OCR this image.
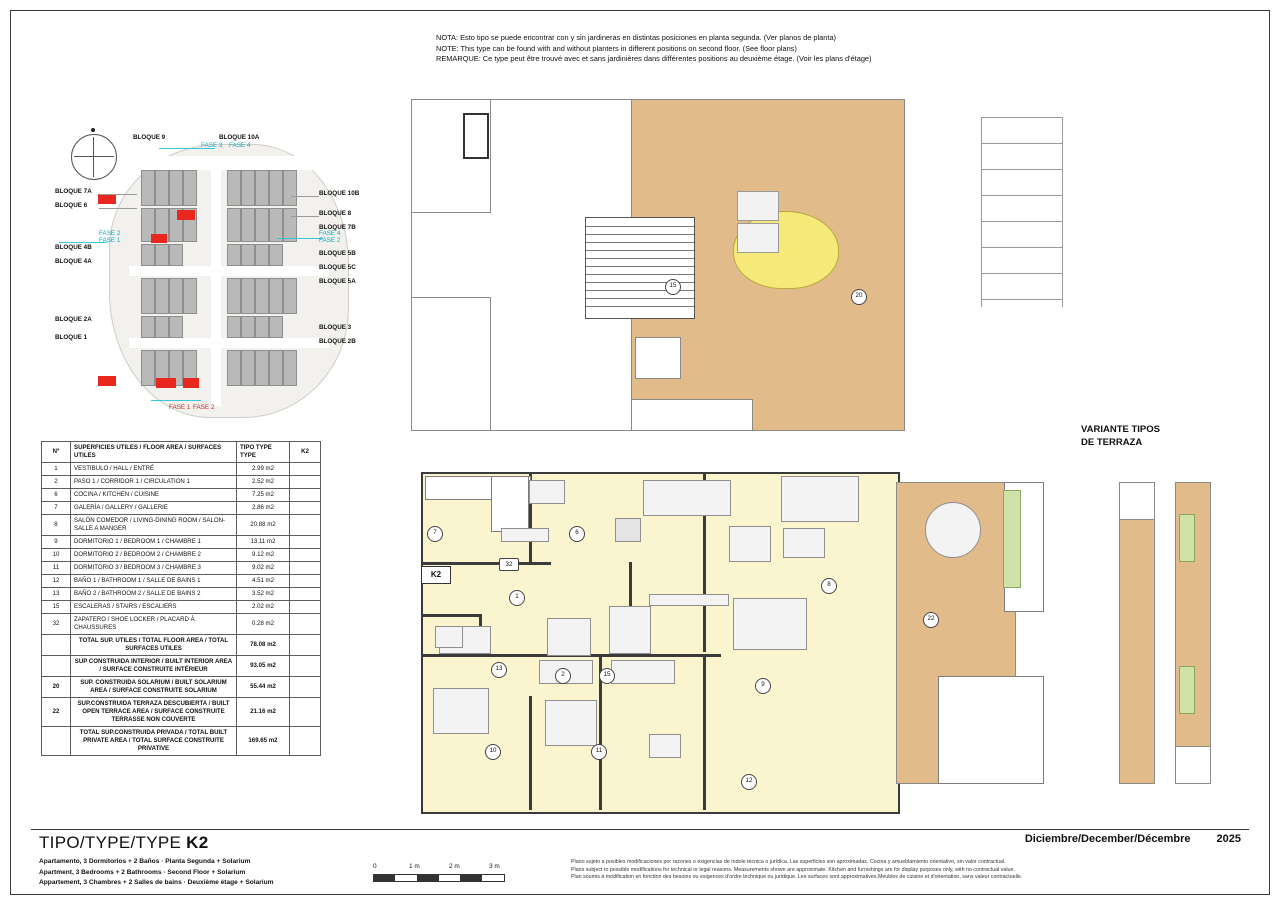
NOTA: Esto tipo se puede encontrar con y sin jardineras en distintas posiciones en planta segunda. (Ver planos de planta)
NOTE: This type can be found with and without planters in different positions on second floor. (See floor plans)
REMARQUE: Ce type peut être trouvé avec et sans jardinières dans différentes positions au deuxième étage. (Voir les plans d'étage)
BLOQUE 9	BLOQUE 10A
FASE 3 FASE 4
BLOQUE 7A
BLOQUE 6
BLOQUE 4B
BLOQUE 4A
BLOQUE 2A
BLOQUE 1
FASE 2
FASE 1
BLOQUE 10B
BLOQUE 8
BLOQUE 7B
BLOQUE 5B
BLOQUE 5C
BLOQUE 5A
BLOQUE 3
BLOQUE 2B
FASE 4
FASE 2
FASE 1 FASE 2
Nº	SUPERFICIES UTILES / FLOOR AREA / SURFACES UTILES	TIPO TYPE TYPE	K2
1	VESTIBULO / HALL / ENTRÉ	2.99 m2	
2	PASO 1 / CORRIDOR 1 / CIRCULATION 1	2.52 m2	
6	COCINA / KITCHEN / CUISINE	7.25 m2	
7	GALERÍA / GALLERY / GALLERIE	2.86 m2	
8	SALÓN COMEDOR / LIVING-DINING ROOM / SALON-SALLE A MANGER	20.88 m2	
9	DORMITORIO 1 / BEDROOM 1 / CHAMBRE 1	13.11 m2	
10	DORMITORIO 2 / BEDROOM 2 / CHAMBRE 2	9.12 m2	
11	DORMITORIO 3 / BEDROOM 3 / CHAMBRE 3	9.02 m2	
12	BAÑO 1 / BATHROOM 1 / SALLE DE BAINS 1	4.51 m2	
13	BAÑO 2 / BATHROOM 2 / SALLE DE BAINS 2	3.52 m2	
15	ESCALERAS / STAIRS / ESCALIERS	2.02 m2	
32	ZAPATERO / SHOE LOCKER / PLACARD À CHAUSSURES	0.28 m2	
	TOTAL SUP. UTILES / TOTAL FLOOR AREA / TOTAL SURFACES UTILES	78.08 m2	
	SUP CONSTRUIDA INTERIOR / BUILT INTERIOR AREA / SURFACE CONSTRUITE INTÉRIEUR	93.05 m2	
20	SUP. CONSTRUIDA SOLARIUM / BUILT SOLARIUM AREA / SURFACE CONSTRUITE SOLARIUM	55.44 m2	
22	SUP.CONSTRUIDA TERRAZA DESCUBIERTA / BUILT OPEN TERRACE AREA / SURFACE CONSTRUITE TERRASSE NON COUVERTE	21.16 m2	
	TOTAL SUP.CONSTRUIDA PRIVADA / TOTAL BUILT PRIVATE AREA / TOTAL SURFACE CONSTRUITE PRIVATIVE	169.65 m2	
15
20
VARIANTE TIPOS
DE TERRAZA
K2
7	6
32
1
8
13
2	15
9
10	11
12
22
TIPO/TYPE/TYPE K2
Apartamento, 3 Dormitorios + 2 Baños · Planta Segunda + Solarium
Apartment, 3 Bedrooms + 2 Bathrooms · Second Floor + Solarium
Appartement, 3 Chambres + 2 Salles de bains · Deuxième étage + Solarium
Diciembre/December/Décembre 2025
0	1 m	2 m	3 m
Plano sujeto a posibles modificaciones por razones o exigencias de índole técnica o jurídica. Las superficies son aproximadas. Cocina y amueblamiento orientativo, sin valor contractual.
Plans subject to possible modifications for technical or legal reasons. Measurements shown are approximate. Kitchen and furnishings are for display purposes only, with no contractual value.
Plan soumis à modification en fonction des besoins ou exigences d'ordre technique ou juridique. Les surfaces sont approximatives.Meubles de cuisine et d'orientation, sans valeur contractuelle.
